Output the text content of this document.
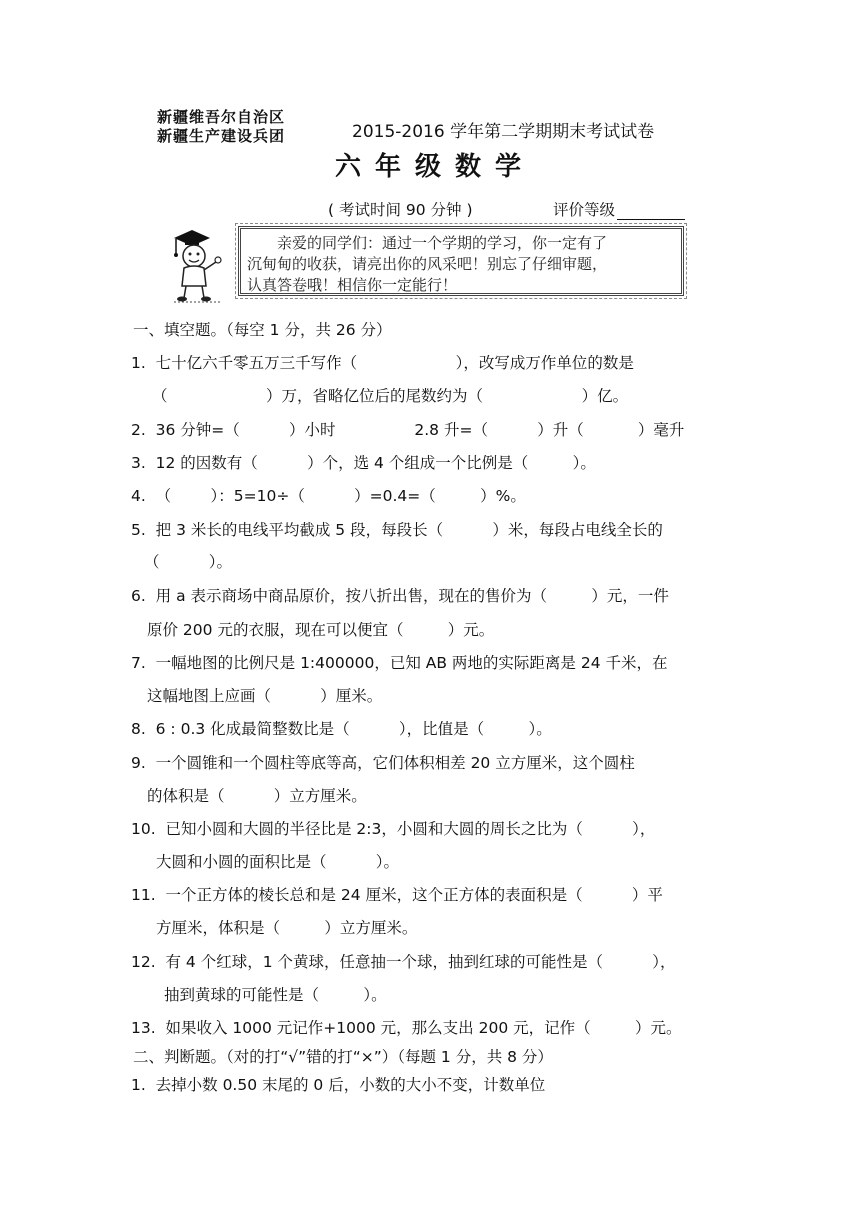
新疆维吾尔自治区
新疆生产建设兵团	2015-2016 学年第二学期期末考试试卷
六年级数学
( 考试时间 90 分钟 )	评价等级
亲爱的同学们：通过一个学期的学习，你一定有了
沉甸甸的收获，请亮出你的风采吧！别忘了仔细审题，
认真答卷哦！相信你一定能行！
一、填空题。（每空 1 分，共 26 分）
1.  七十亿六千零五万三千写作（                    ），改写成万作单位的数是
（                    ）万，省略亿位后的尾数约为（                    ）亿。
2.  36 分钟=（          ）小时                2.8 升=（          ）升（           ）毫升
3.  12 的因数有（          ）个，选 4 个组成一个比例是（         ）。
4.  （        ）：5=10÷（          ）=0.4=（         ）%。
5.  把 3 米长的电线平均截成 5 段，每段长（          ）米，每段占电线全长的
（          ）。
6.  用 a 表示商场中商品原价，按八折出售，现在的售价为（         ）元，一件
原价 200 元的衣服，现在可以便宜（         ）元。
7.  一幅地图的比例尺是 1:400000，已知 AB 两地的实际距离是 24 千米，在
这幅地图上应画（          ）厘米。
8.  6 : 0.3 化成最简整数比是（          ），比值是（         ）。
9.  一个圆锥和一个圆柱等底等高，它们体积相差 20 立方厘米，这个圆柱
的体积是（          ）立方厘米。
10.  已知小圆和大圆的半径比是 2:3，小圆和大圆的周长之比为（          ），
大圆和小圆的面积比是（          ）。
11.  一个正方体的棱长总和是 24 厘米，这个正方体的表面积是（          ）平
方厘米，体积是（         ）立方厘米。
12.  有 4 个红球，1 个黄球，任意抽一个球，抽到红球的可能性是（          ），
抽到黄球的可能性是（         ）。
13.  如果收入 1000 元记作+1000 元，那么支出 200 元，记作（         ）元。
二、判断题。（对的打“√”错的打“×”）（每题 1 分，共 8 分）
1.  去掉小数 0.50 末尾的 0 后，小数的大小不变，计数单位
